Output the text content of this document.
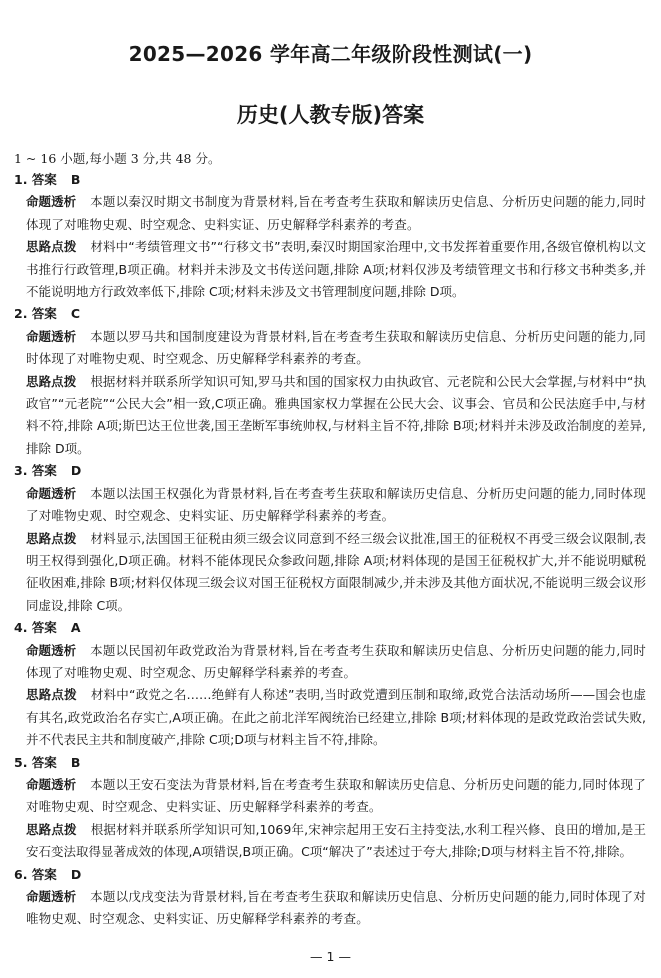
2025—2026 学年高二年级阶段性测试(一)
历史(人教专版)答案
1 ~ 16 小题,每小题 3 分,共 48 分。
1. 答案 B
命题透析 本题以秦汉时期文书制度为背景材料,旨在考查考生获取和解读历史信息、分析历史问题的能力,同时体现了对唯物史观、时空观念、史料实证、历史解释学科素养的考查。
思路点拨 材料中“考绩管理文书”“行移文书”表明,秦汉时期国家治理中,文书发挥着重要作用,各级官僚机构以文书推行行政管理,B项正确。材料并未涉及文书传送问题,排除 A项;材料仅涉及考绩管理文书和行移文书种类多,并不能说明地方行政效率低下,排除 C项;材料未涉及文书管理制度问题,排除 D项。
2. 答案 C
命题透析 本题以罗马共和国制度建设为背景材料,旨在考查考生获取和解读历史信息、分析历史问题的能力,同时体现了对唯物史观、时空观念、历史解释学科素养的考查。
思路点拨 根据材料并联系所学知识可知,罗马共和国的国家权力由执政官、元老院和公民大会掌握,与材料中“执政官”“元老院”“公民大会”相一致,C项正确。雅典国家权力掌握在公民大会、议事会、官员和公民法庭手中,与材料不符,排除 A项;斯巴达王位世袭,国王垄断军事统帅权,与材料主旨不符,排除 B项;材料并未涉及政治制度的差异,排除 D项。
3. 答案 D
命题透析 本题以法国王权强化为背景材料,旨在考查考生获取和解读历史信息、分析历史问题的能力,同时体现了对唯物史观、时空观念、史料实证、历史解释学科素养的考查。
思路点拨 材料显示,法国国王征税由须三级会议同意到不经三级会议批准,国王的征税权不再受三级会议限制,表明王权得到强化,D项正确。材料不能体现民众参政问题,排除 A项;材料体现的是国王征税权扩大,并不能说明赋税征收困难,排除 B项;材料仅体现三级会议对国王征税权方面限制减少,并未涉及其他方面状况,不能说明三级会议形同虚设,排除 C项。
4. 答案 A
命题透析 本题以民国初年政党政治为背景材料,旨在考查考生获取和解读历史信息、分析历史问题的能力,同时体现了对唯物史观、时空观念、历史解释学科素养的考查。
思路点拨 材料中“政党之名……绝鲜有人称述”表明,当时政党遭到压制和取缔,政党合法活动场所——国会也虚有其名,政党政治名存实亡,A项正确。在此之前北洋军阀统治已经建立,排除 B项;材料体现的是政党政治尝试失败,并不代表民主共和制度破产,排除 C项;D项与材料主旨不符,排除。
5. 答案 B
命题透析 本题以王安石变法为背景材料,旨在考查考生获取和解读历史信息、分析历史问题的能力,同时体现了对唯物史观、时空观念、史料实证、历史解释学科素养的考查。
思路点拨 根据材料并联系所学知识可知,1069年,宋神宗起用王安石主持变法,水利工程兴修、良田的增加,是王安石变法取得显著成效的体现,A项错误,B项正确。C项“解决了”表述过于夸大,排除;D项与材料主旨不符,排除。
6. 答案 D
命题透析 本题以戊戌变法为背景材料,旨在考查考生获取和解读历史信息、分析历史问题的能力,同时体现了对唯物史观、时空观念、史料实证、历史解释学科素养的考查。
— 1 —
